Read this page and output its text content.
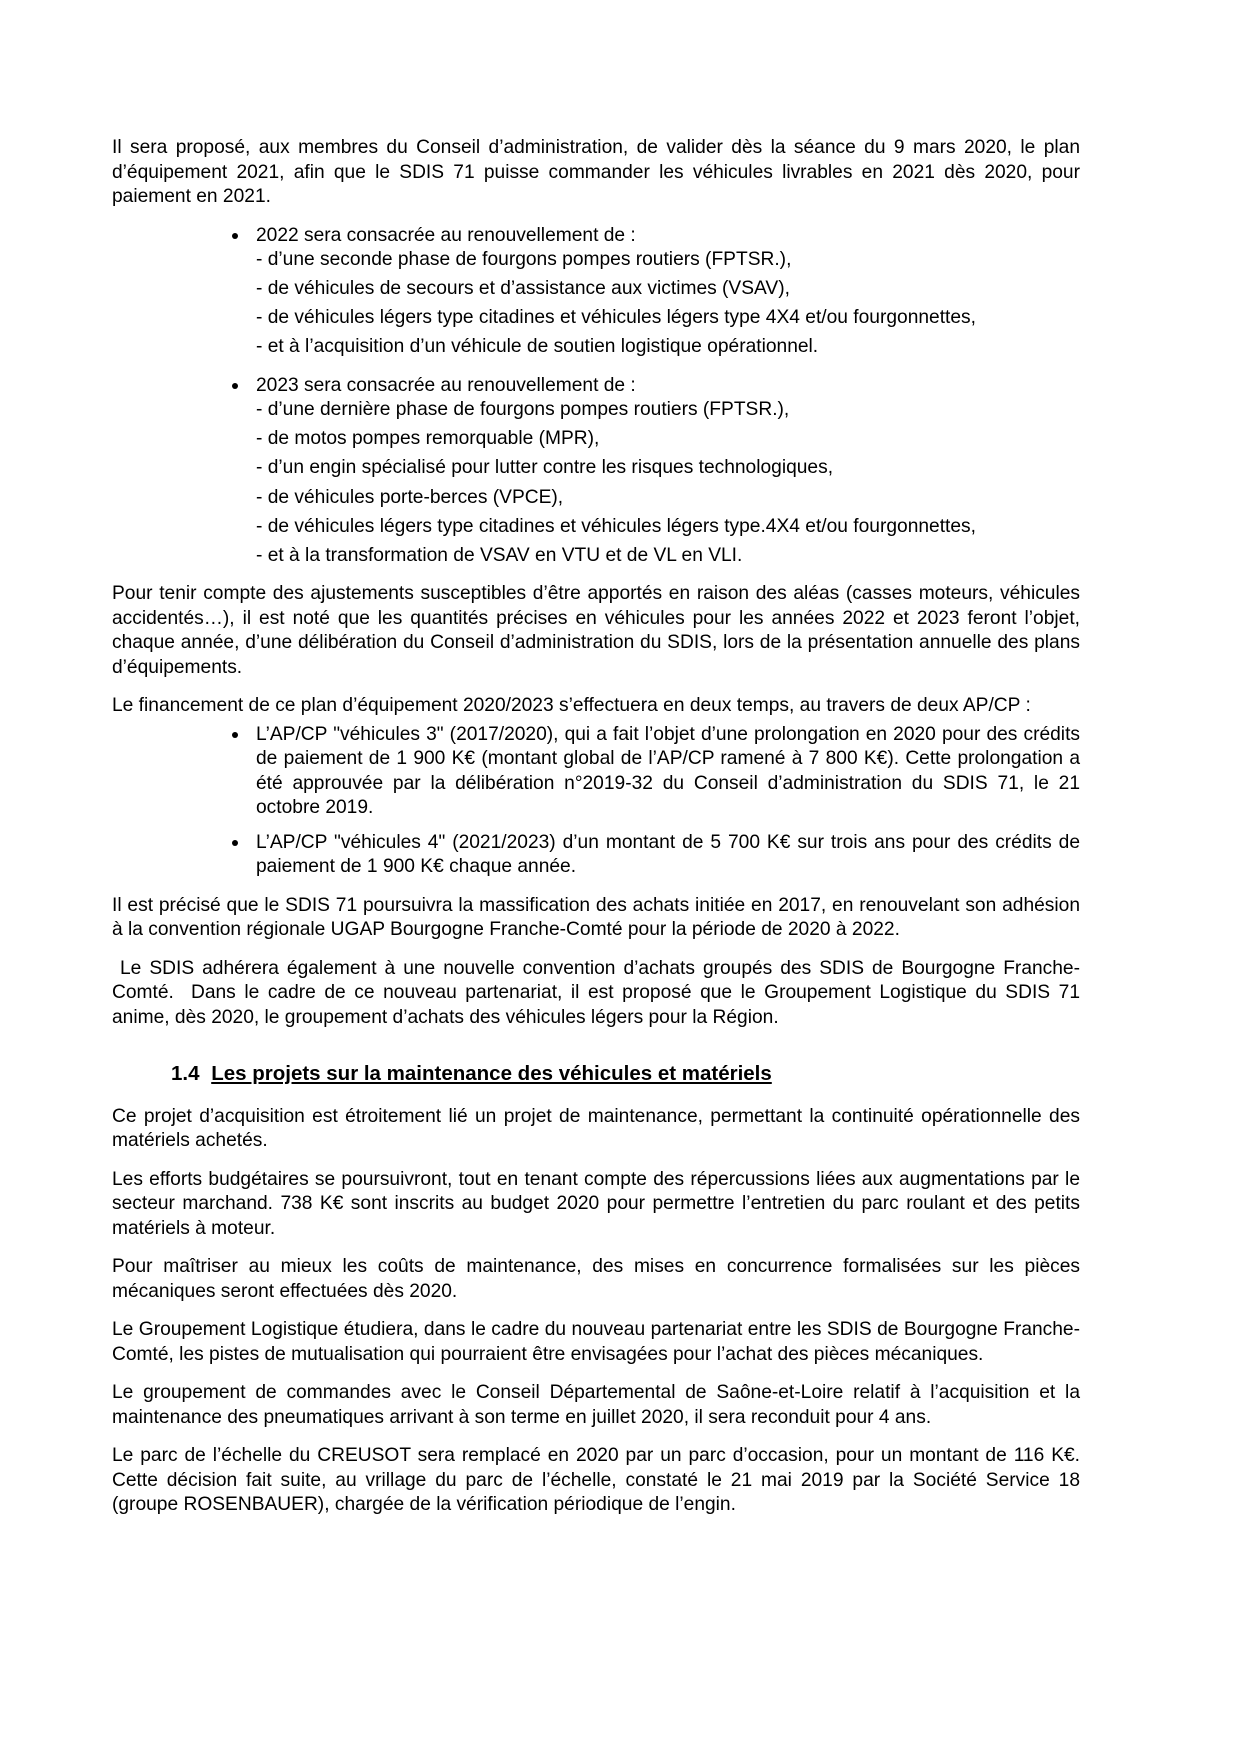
Il sera proposé, aux membres du Conseil d’administration, de valider dès la séance du 9 mars 2020, le plan d’équipement 2021, afin que le SDIS 71 puisse commander les véhicules livrables en 2021 dès 2020, pour paiement en 2021.

2022 sera consacrée au renouvellement de :
- d’une seconde phase de fourgons pompes routiers (FPTSR.),
- de véhicules de secours et d’assistance aux victimes (VSAV),
- de véhicules légers type citadines et véhicules légers type 4X4 et/ou fourgonnettes,
- et à l’acquisition d’un véhicule de soutien logistique opérationnel.
2023 sera consacrée au renouvellement de :
- d’une dernière phase de fourgons pompes routiers (FPTSR.),
- de motos pompes remorquable (MPR),
- d’un engin spécialisé pour lutter contre les risques technologiques,
- de véhicules porte-berces (VPCE),
- de véhicules légers type citadines et véhicules légers type.4X4 et/ou fourgonnettes,
- et à la transformation de VSAV en VTU et de VL en VLI.

Pour tenir compte des ajustements susceptibles d’être apportés en raison des aléas (casses moteurs, véhicules accidentés…), il est noté que les quantités précises en véhicules pour les années 2022 et 2023 feront l’objet, chaque année, d’une délibération du Conseil d’administration du SDIS, lors de la présentation annuelle des plans d’équipements.

Le financement de ce plan d’équipement 2020/2023 s’effectuera en deux temps, au travers de deux AP/CP :

L’AP/CP "véhicules 3" (2017/2020), qui a fait l’objet d’une prolongation en 2020 pour des crédits de paiement de 1 900 K€ (montant global de l’AP/CP ramené à 7 800 K€). Cette prolongation a été approuvée par la délibération n°2019-32 du Conseil d’administration du SDIS 71, le 21 octobre 2019.
L’AP/CP "véhicules 4" (2021/2023) d’un montant de 5 700 K€ sur trois ans pour des crédits de paiement de 1 900 K€ chaque année.

Il est précisé que le SDIS 71 poursuivra la massification des achats initiée en 2017, en renouvelant son adhésion à la convention régionale UGAP Bourgogne Franche-Comté pour la période de 2020 à 2022.

Le SDIS adhérera également à une nouvelle convention d’achats groupés des SDIS de Bourgogne Franche-Comté.  Dans le cadre de ce nouveau partenariat, il est proposé que le Groupement Logistique du SDIS 71 anime, dès 2020, le groupement d’achats des véhicules légers pour la Région.

1.4 Les projets sur la maintenance des véhicules et matériels

Ce projet d’acquisition est étroitement lié un projet de maintenance, permettant la continuité opérationnelle des matériels achetés.

Les efforts budgétaires se poursuivront, tout en tenant compte des répercussions liées aux augmentations par le secteur marchand. 738 K€ sont inscrits au budget 2020 pour permettre l’entretien du parc roulant et des petits matériels à moteur.

Pour maîtriser au mieux les coûts de maintenance, des mises en concurrence formalisées sur les pièces mécaniques seront effectuées dès 2020.

Le Groupement Logistique étudiera, dans le cadre du nouveau partenariat entre les SDIS de Bourgogne Franche-Comté, les pistes de mutualisation qui pourraient être envisagées pour l’achat des pièces mécaniques.

Le groupement de commandes avec le Conseil Départemental de Saône-et-Loire relatif à l’acquisition et la maintenance des pneumatiques arrivant à son terme en juillet 2020, il sera reconduit pour 4 ans.

Le parc de l’échelle du CREUSOT sera remplacé en 2020 par un parc d’occasion, pour un montant de 116 K€. Cette décision fait suite, au vrillage du parc de l’échelle, constaté le 21 mai 2019 par la Société Service 18 (groupe ROSENBAUER), chargée de la vérification périodique de l’engin.
